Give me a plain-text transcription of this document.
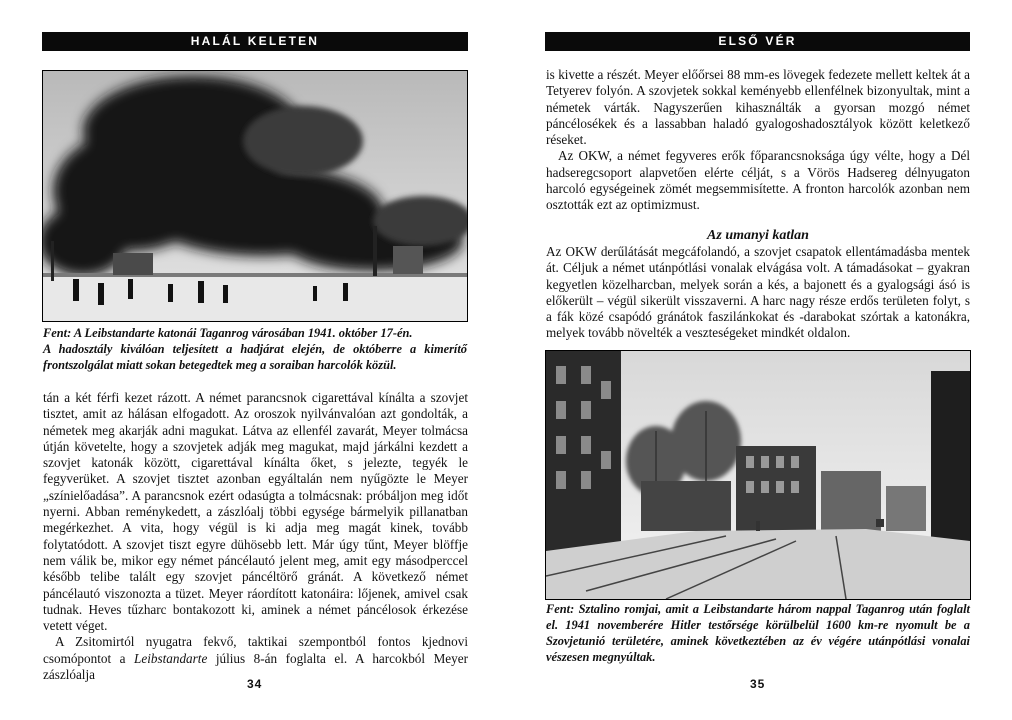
HALÁL KELETEN

Fent: A Leibstandarte katonái Taganrog városában 1941. október 17-én.

A hadosztály kiválóan teljesített a hadjárat elején, de októberre a kimerítő frontszolgálat miatt sokan betegedtek meg a soraiban harcolók közül.

tán a két férfi kezet rázott. A német parancsnok cigarettával kínálta a szovjet tisztet, amit az hálásan elfogadott. Az oroszok nyilvánvalóan azt gondolták, a németek meg akarják adni magukat. Látva az ellenfél zavarát, Meyer tolmácsa útján követelte, hogy a szovjetek adják meg magukat, majd járkálni kezdett a szovjet katonák között, cigarettával kínálta őket, s jelezte, tegyék le fegyverüket. A szovjet tisztet azonban egyáltalán nem nyűgözte le Meyer „színielőadása”. A parancsnok ezért odasúgta a tolmácsnak: próbáljon meg időt nyerni. Abban reménykedett, a zászlóalj többi egysége bármelyik pillanatban megérkezhet. A vita, hogy végül is ki adja meg magát kinek, tovább folytatódott. A szovjet tiszt egyre dühösebb lett. Már úgy tűnt, Meyer blöffje nem válik be, mikor egy német páncélautó jelent meg, amit egy másodperccel később telibe talált egy szovjet páncéltörő gránát. A következő német páncélautó viszonozta a tüzet. Meyer ráordított katonáira: lőjenek, amivel csak tudnak. Heves tűzharc bontakozott ki, aminek a német páncélosok érkezése vetett véget.

A Zsitomirtól nyugatra fekvő, taktikai szempontból fontos kjednovi csomópontot a Leibstandarte július 8-án foglalta el. A harcokból Meyer zászlóalja

34
ELSŐ VÉR

is kivette a részét. Meyer előőrsei 88 mm-es lövegek fedezete mellett keltek át a Tetyerev folyón. A szovjetek sokkal keményebb ellenfélnek bizonyultak, mint a németek várták. Nagyszerűen kihasználták a gyorsan mozgó német páncélosékek és a lassabban haladó gyalogoshadosztályok között keletkező réseket.

Az OKW, a német fegyveres erők főparancsnoksága úgy vélte, hogy a Dél hadseregcsoport alapvetően elérte célját, s a Vörös Hadsereg délnyugaton harcoló egységeinek zömét megsemmisítette. A fronton harcolók azonban nem osztották ezt az optimizmust.

Az umanyi katlan

Az OKW derűlátását megcáfolandó, a szovjet csapatok ellentámadásba mentek át. Céljuk a német utánpótlási vonalak elvágása volt. A támadásokat – gyakran kegyetlen közelharcban, melyek során a kés, a bajonett és a gyalogsági ásó is előkerült – végül sikerült visszaverni. A harc nagy része erdős területen folyt, s a fák közé csapódó gránátok faszilánkokat és -darabokat szórtak a katonákra, melyek tovább növelték a veszteségeket mindkét oldalon.

Fent: Sztalino romjai, amit a Leibstandarte három nappal Taganrog után foglalt el. 1941 novemberére Hitler testőrsége körülbelül 1600 km-re nyomult be a Szovjetunió területére, aminek következtében az év végére utánpótlási vonalai vészesen megnyúltak.

35
